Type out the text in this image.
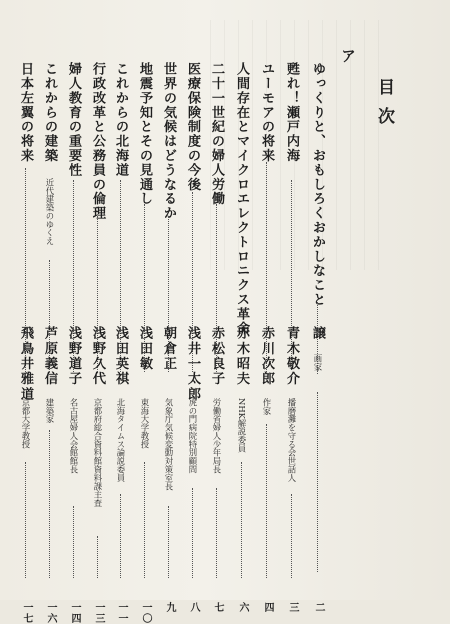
目次
ア
ゆっくりと、おもしろくおかしなこと
譲
画家
二
甦れ！瀬戸内海
青木敬介
播磨灘を守る会世話人
三
ユーモアの将来
赤川次郎
作家
四
人間存在とマイクロエレクトロニクス革命
赤木昭夫
NHK解説委員
六
二十一世紀の婦人労働
赤松良子
労働省婦人少年局長
七
医療保険制度の今後
浅井一太郎
虎の門病院特別顧問
八
世界の気候はどうなるか
朝倉正
気象庁気候変動対策室長
九
地震予知とその見通し
浅田敏
東海大学教授
一〇
これからの北海道
浅田英祺
北海タイムス論説委員
一一
行政改革と公務員の倫理
浅野久代
京都府総合資料館資料課主査
一三
婦人教育の重要性
浅野道子
名古屋婦人会館館長
一四
これからの建築
近代建築のゆくえ
芦原義信
建築家
一六
日本左翼の将来
飛鳥井雅道
京都大学教授
一七
